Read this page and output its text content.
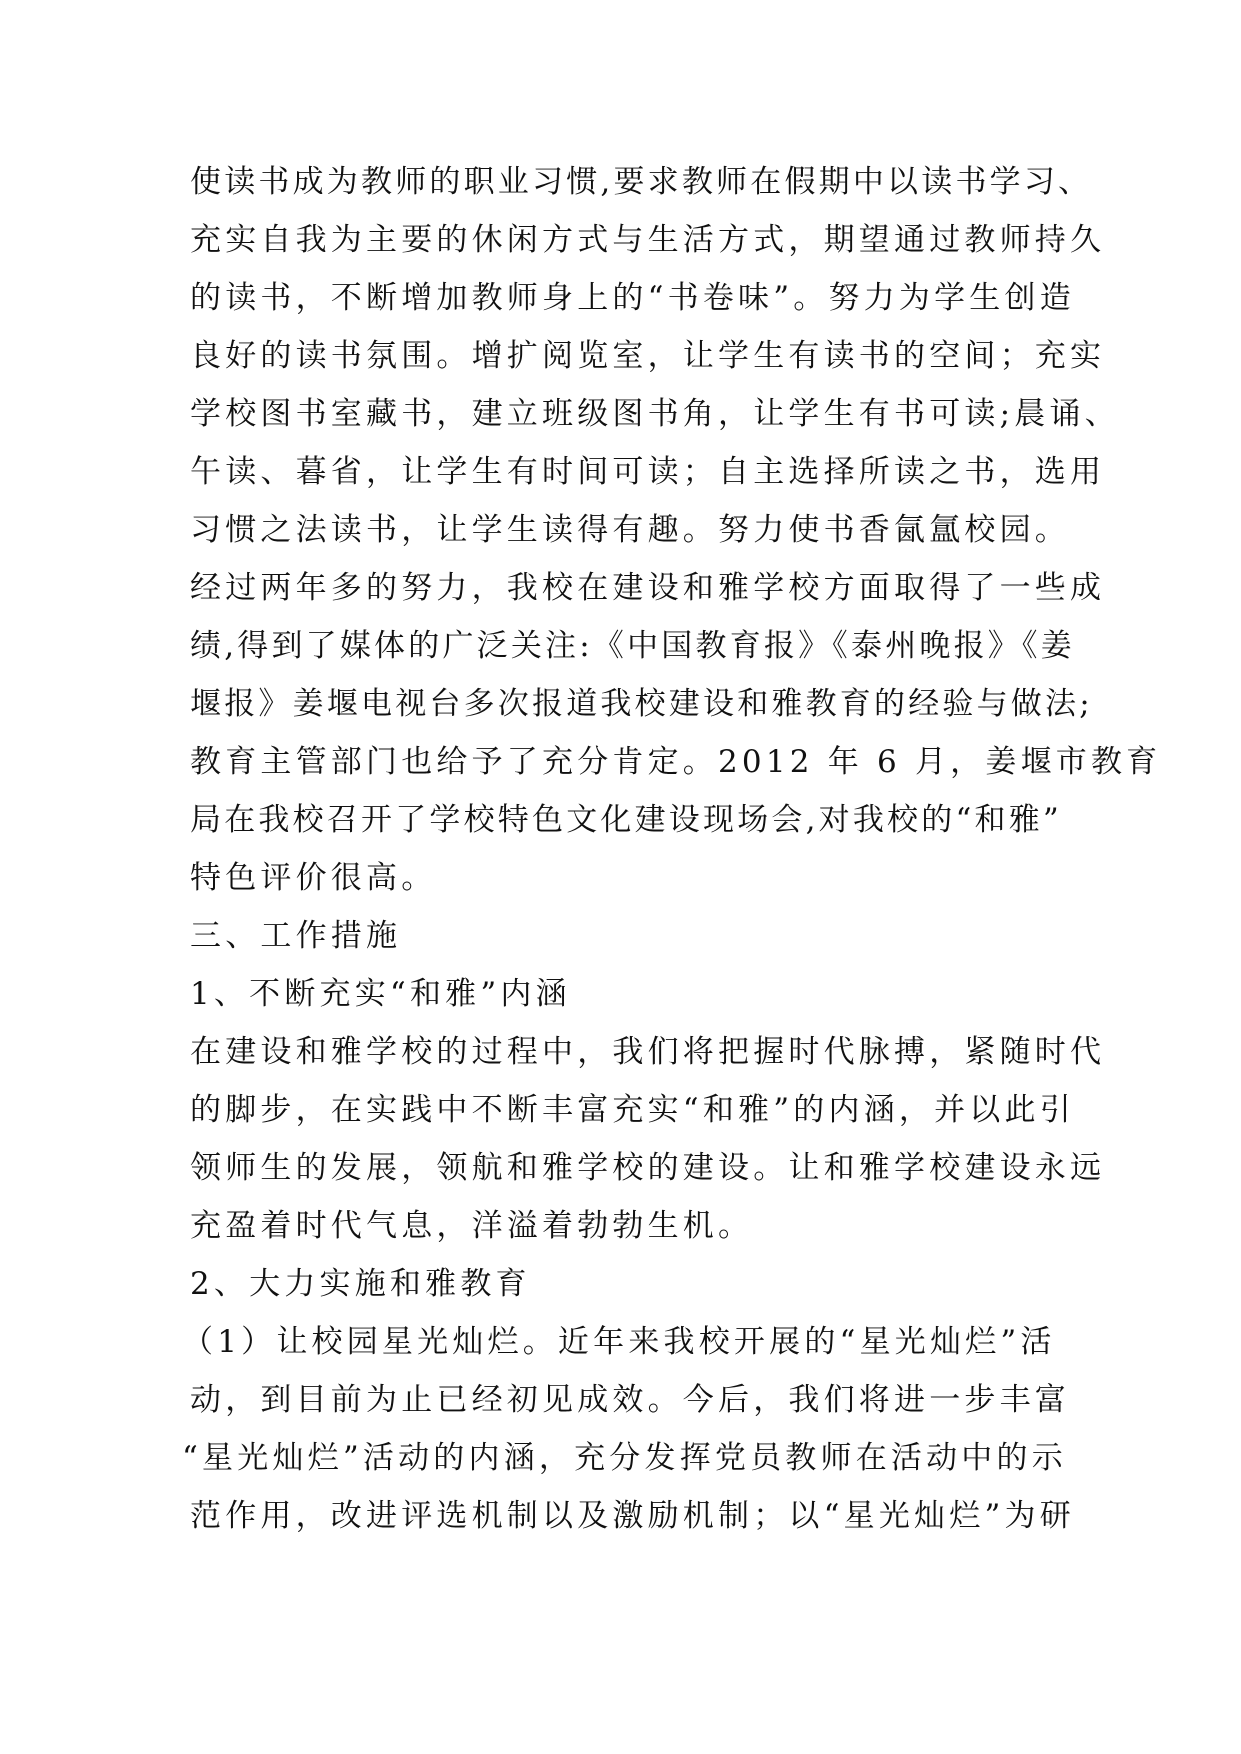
使读书成为教师的职业习惯,要求教师在假期中以读书学习、
充实自我为主要的休闲方式与生活方式，期望通过教师持久
的读书，不断增加教师身上的“书卷味”。努力为学生创造
良好的读书氛围。增扩阅览室，让学生有读书的空间；充实
学校图书室藏书，建立班级图书角，让学生有书可读;晨诵、
午读、暮省，让学生有时间可读；自主选择所读之书，选用
习惯之法读书，让学生读得有趣。努力使书香氤氲校园。
经过两年多的努力，我校在建设和雅学校方面取得了一些成
绩,得到了媒体的广泛关注:《中国教育报》《泰州晚报》《姜
堰报》姜堰电视台多次报道我校建设和雅教育的经验与做法;
教育主管部门也给予了充分肯定。2012 年 6 月，姜堰市教育
局在我校召开了学校特色文化建设现场会,对我校的“和雅”
特色评价很高。
三、工作措施
1、不断充实“和雅”内涵
在建设和雅学校的过程中，我们将把握时代脉搏，紧随时代
的脚步，在实践中不断丰富充实“和雅”的内涵，并以此引
领师生的发展，领航和雅学校的建设。让和雅学校建设永远
充盈着时代气息，洋溢着勃勃生机。
2、大力实施和雅教育
（1）让校园星光灿烂。近年来我校开展的“星光灿烂”活
动，到目前为止已经初见成效。今后，我们将进一步丰富
“星光灿烂”活动的内涵，充分发挥党员教师在活动中的示
范作用，改进评选机制以及激励机制；以“星光灿烂”为研
